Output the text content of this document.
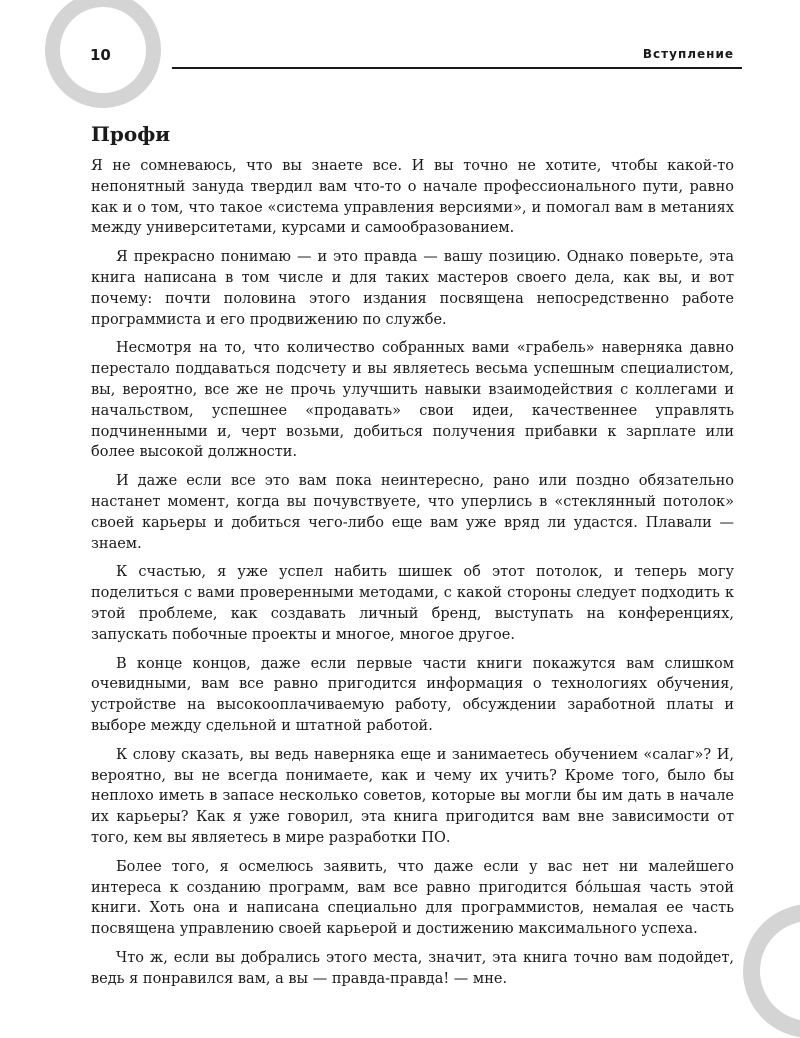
10	Вступление
Профи

Я не сомневаюсь, что вы знаете все. И вы точно не хотите, чтобы какой-то непонятный зануда твердил вам что-то о начале профессионального пути, равно как и о том, что такое «система управления версиями», и помогал вам в метаниях между университетами, курсами и самообразованием.

Я прекрасно понимаю — и это правда — вашу позицию. Однако поверьте, эта книга написана в том числе и для таких мастеров своего дела, как вы, и вот почему: почти половина этого издания посвящена непосредственно работе программиста и его продвижению по службе.

Несмотря на то, что количество собранных вами «грабель» наверняка давно перестало поддаваться подсчету и вы являетесь весьма успешным специалистом, вы, вероятно, все же не прочь улучшить навыки взаимодействия с коллегами и начальством, успешнее «продавать» свои идеи, качественнее управлять подчиненными и, черт возьми, добиться получения прибавки к зарплате или более высокой должности.

И даже если все это вам пока неинтересно, рано или поздно обязательно настанет момент, когда вы почувствуете, что уперлись в «стеклянный потолок» своей карьеры и добиться чего-либо еще вам уже вряд ли удастся. Плавали — знаем.

К счастью, я уже успел набить шишек об этот потолок, и теперь могу поделиться с вами проверенными методами, с какой стороны следует подходить к этой проблеме, как создавать личный бренд, выступать на конференциях, запускать побочные проекты и многое, многое другое.

В конце концов, даже если первые части книги покажутся вам слишком очевидными, вам все равно пригодится информация о технологиях обучения, устройстве на высокооплачиваемую работу, обсуждении заработной платы и выборе между сдельной и штатной работой.

К слову сказать, вы ведь наверняка еще и занимаетесь обучением «салаг»? И, вероятно, вы не всегда понимаете, как и чему их учить? Кроме того, было бы неплохо иметь в запасе несколько советов, которые вы могли бы им дать в начале их карьеры? Как я уже говорил, эта книга пригодится вам вне зависимости от того, кем вы являетесь в мире разработки ПО.

Более того, я осмелюсь заявить, что даже если у вас нет ни малейшего интереса к созданию программ, вам все равно пригодится бóльшая часть этой книги. Хоть она и написана специально для программистов, немалая ее часть посвящена управлению своей карьерой и достижению максимального успеха.

Что ж, если вы добрались этого места, значит, эта книга точно вам подойдет, ведь я понравился вам, а вы — правда-правда! — мне.
